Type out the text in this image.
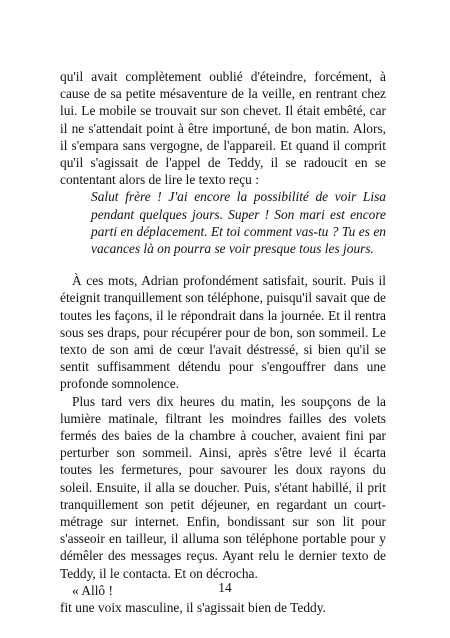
qu'il avait complètement oublié d'éteindre, forcément, à cause de sa petite mésaventure de la veille, en rentrant chez lui. Le mobile se trouvait sur son chevet. Il était embêté, car il ne s'attendait point à être importuné, de bon matin. Alors, il s'empara sans vergogne, de l'appareil. Et quand il comprit qu'il s'agissait de l'appel de Teddy, il se radoucit en se contentant alors de lire le texto reçu :

Salut frère ! J'ai encore la possibilité de voir Lisa pendant quelques jours. Super ! Son mari est encore parti en déplacement. Et toi comment vas-tu ? Tu es en vacances là on pourra se voir presque tous les jours.

À ces mots, Adrian profondément satisfait, sourit. Puis il éteignit tranquillement son téléphone, puisqu'il savait que de toutes les façons, il le répondrait dans la journée. Et il rentra sous ses draps, pour récupérer pour de bon, son sommeil. Le texto de son ami de cœur l'avait déstressé, si bien qu'il se sentit suffisamment détendu pour s'engouffrer dans une profonde somnolence.

Plus tard vers dix heures du matin, les soupçons de la lumière matinale, filtrant les moindres failles des volets fermés des baies de la chambre à coucher, avaient fini par perturber son sommeil. Ainsi, après s'être levé il écarta toutes les fermetures, pour savourer les doux rayons du soleil. Ensuite, il alla se doucher. Puis, s'étant habillé, il prit tranquillement son petit déjeuner, en regardant un court-métrage sur internet. Enfin, bondissant sur son lit pour s'asseoir en tailleur, il alluma son téléphone portable pour y démêler des messages reçus. Ayant relu le dernier texto de Teddy, il le contacta. Et on décrocha.

« Allô !

fit une voix masculine, il s'agissait bien de Teddy.

14
